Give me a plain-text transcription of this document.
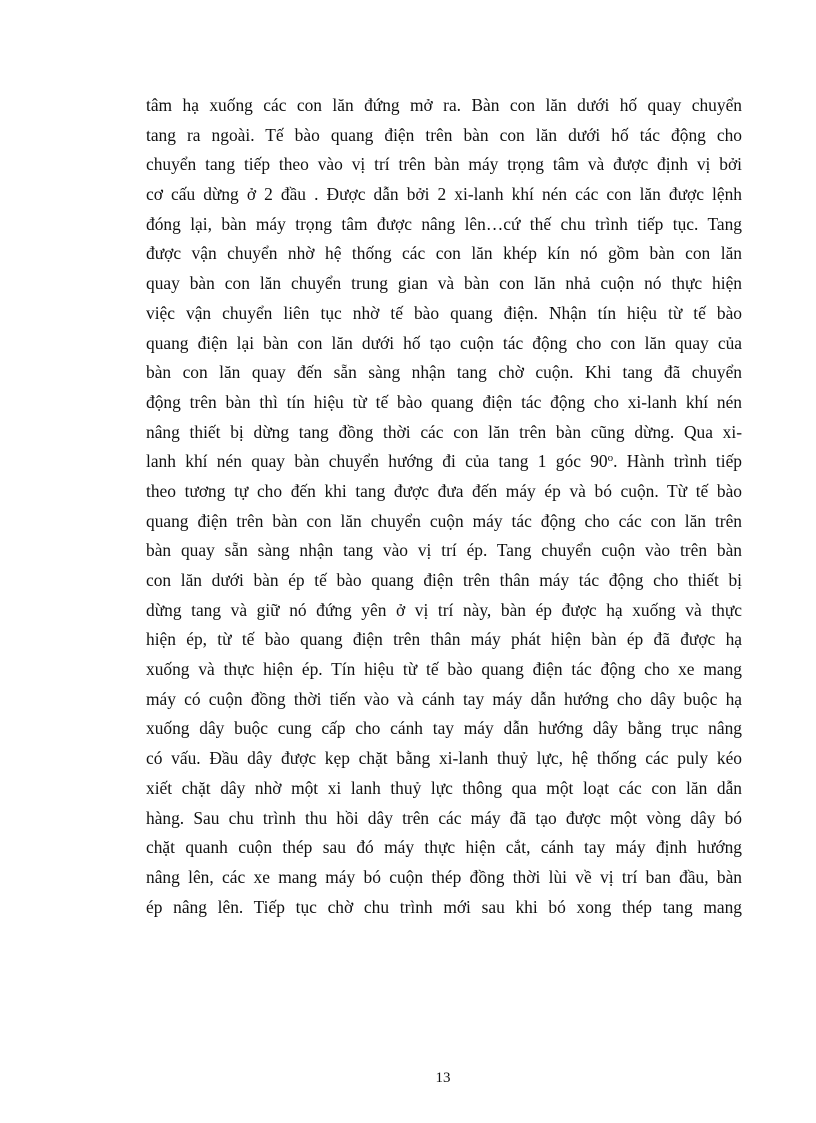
tâm hạ xuống các con lăn đứng mở ra. Bàn con lăn dưới hố quay chuyển
tang ra ngoài. Tế bào quang điện trên bàn con lăn dưới hố tác động cho
chuyển tang tiếp theo vào vị trí trên bàn máy trọng tâm và được định vị bởi
cơ cấu dừng ở 2 đầu . Được dẫn bởi 2 xi-lanh khí nén các con lăn được lệnh
đóng lại, bàn máy trọng tâm được nâng lên…cứ thế chu trình tiếp tục. Tang
được vận chuyển nhờ hệ thống các con lăn khép kín nó gồm bàn con lăn
quay bàn con lăn chuyển trung gian và bàn con lăn nhả cuộn nó thực hiện
việc vận chuyển liên tục nhờ tế bào quang điện. Nhận tín hiệu từ tế bào
quang điện lại bàn con lăn dưới hố tạo cuộn tác động cho con lăn quay của
bàn con lăn quay đến sẵn sàng nhận tang chờ cuộn. Khi tang đã chuyển
động trên bàn thì tín hiệu từ tế bào quang điện tác động cho xi-lanh khí nén
nâng thiết bị dừng tang đồng thời các con lăn trên bàn cũng dừng. Qua xi-
lanh khí nén quay bàn chuyển hướng đi của tang 1 góc 90$^o$. Hành trình tiếp
theo tương tự cho đến khi tang được đưa đến máy ép và bó cuộn. Từ tế bào
quang điện trên bàn con lăn chuyển cuộn máy tác động cho các con lăn trên
bàn quay sẵn sàng nhận tang vào vị trí ép. Tang chuyển cuộn vào trên bàn
con lăn dưới bàn ép tế bào quang điện trên thân máy tác động cho thiết bị
dừng tang và giữ nó đứng yên ở vị trí này, bàn ép được hạ xuống và thực
hiện ép, từ tế bào quang điện trên thân máy phát hiện bàn ép đã được hạ
xuống và thực hiện ép. Tín hiệu từ tế bào quang điện tác động cho xe mang
máy có cuộn đồng thời tiến vào và cánh tay máy dẫn hướng cho dây buộc hạ
xuống dây buộc cung cấp cho cánh tay máy dẫn hướng dây bằng trục nâng
có vấu. Đầu dây được kẹp chặt bằng xi-lanh thuỷ lực, hệ thống các puly kéo
xiết chặt dây nhờ một xi lanh thuỷ lực thông qua một loạt các con lăn dẫn
hàng. Sau chu trình thu hồi dây trên các máy đã tạo được một vòng dây bó
chặt quanh cuộn thép sau đó máy thực hiện cắt, cánh tay máy định hướng
nâng lên, các xe mang máy bó cuộn thép đồng thời lùi về vị trí ban đầu, bàn
ép nâng lên. Tiếp tục chờ chu trình mới sau khi bó xong thép tang mang
13
